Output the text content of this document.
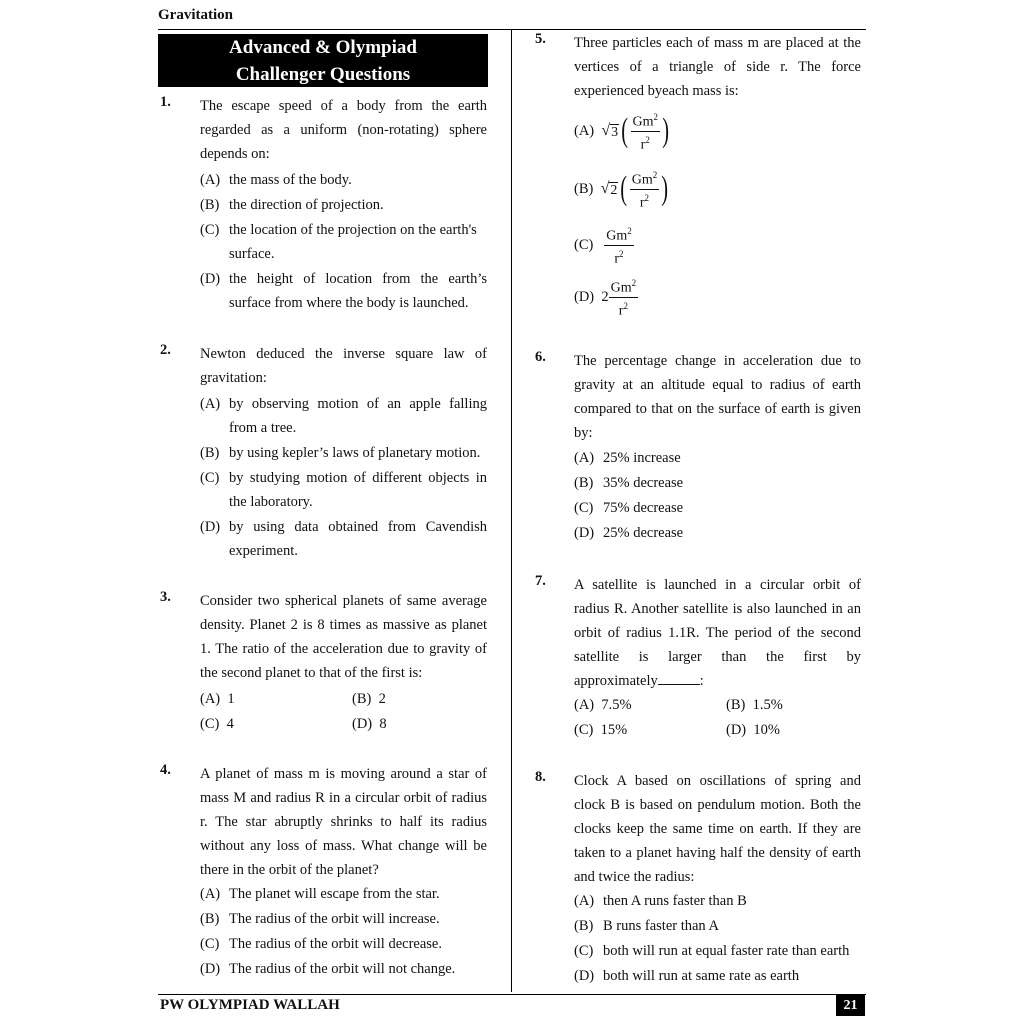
Gravitation
Advanced & Olympiad
Challenger Questions
PW OLYMPIAD WALLAH	21
1. The escape speed of a body from the earth

regarded as a uniform (non-rotating) sphere

depends on:

(A) the mass of the body.
(B) the direction of projection.
(C) the location of the projection on the earth's surface.
(D) the height of location from the earth’s surface from where the body is launched.
2. Newton deduced the inverse square law of

gravitation:

(A) by observing motion of an apple falling from a tree.
(B) by using kepler’s laws of planetary motion.
(C) by studying motion of different objects in the laboratory.
(D) by using data obtained from Cavendish experiment.
3. Consider two spherical planets of same average

density. Planet 2 is 8 times as massive as planet

1. The ratio of the acceleration due to gravity of

the second planet to that of the first is:

(A) 1	(B) 2
(C) 4	(D) 8
4. A planet of mass m is moving around a star of

mass M and radius R in a circular orbit of radius

r. The star abruptly shrinks to half its radius

without any loss of mass. What change will be

there in the orbit of the planet?

(A) The planet will escape from the star.
(B) The radius of the orbit will increase.
(C) The radius of the orbit will decrease.
(D) The radius of the orbit will not change.
5. Three particles each of mass m are placed at the

vertices of a triangle of side r. The force

experienced byeach mass is:

(A)
√ 3 ( $\frac{Gm^2}{r^2}$ )
(B)
√ 2 ( $\frac{Gm^2}{r^2}$ )
(C)
$\frac{Gm^2}{r^2}$
(D)
$2 \frac{Gm^2}{r^2}$
6. The percentage change in acceleration due to

gravity at an altitude equal to radius of earth

compared to that on the surface of earth is given

by:

(A) 25% increase
(B) 35% decrease
(C) 75% decrease
(D) 25% decrease
7. A satellite is launched in a circular orbit of

radius R. Another satellite is also launched in an

orbit of radius 1.1R. The period of the second

satellite is larger than the first by

approximately	:

(A) 7.5%	(B) 1.5%
(C) 15%	(D) 10%
8. Clock A based on oscillations of spring and

clock B is based on pendulum motion. Both the

clocks keep the same time on earth. If they are

taken to a planet having half the density of earth

and twice the radius:

(A) then A runs faster than B
(B) B runs faster than A
(C) both will run at equal faster rate than earth
(D) both will run at same rate as earth
